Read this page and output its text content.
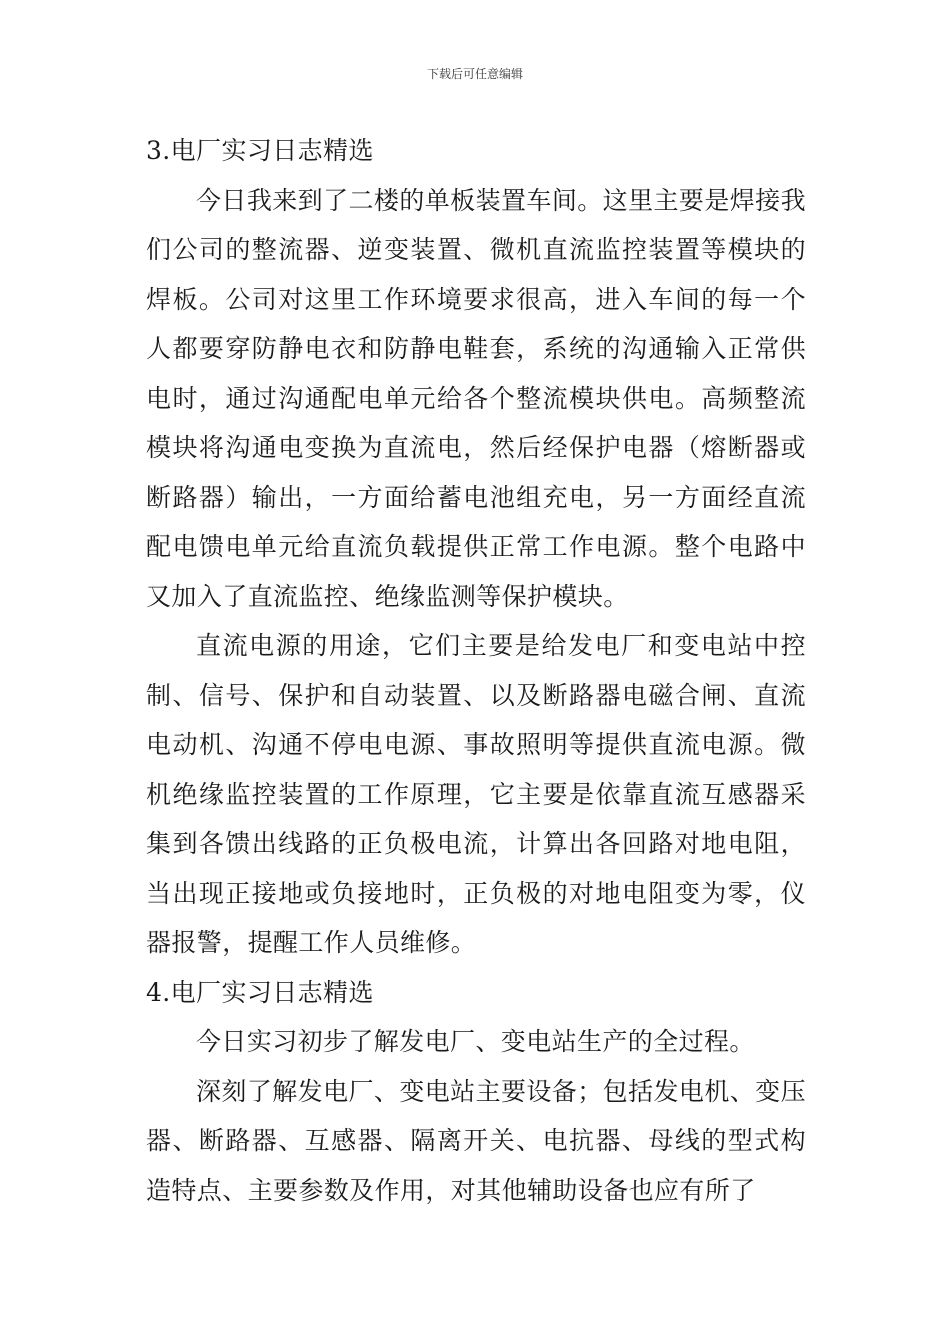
下载后可任意编辑

3.电厂实习日志精选

今日我来到了二楼的单板装置车间。这里主要是焊接我们公司的整流器、逆变装置、微机直流监控装置等模块的焊板。公司对这里工作环境要求很高，进入车间的每一个人都要穿防静电衣和防静电鞋套，系统的沟通输入正常供电时，通过沟通配电单元给各个整流模块供电。高频整流模块将沟通电变换为直流电，然后经保护电器（熔断器或断路器）输出，一方面给蓄电池组充电，另一方面经直流配电馈电单元给直流负载提供正常工作电源。整个电路中又加入了直流监控、绝缘监测等保护模块。

直流电源的用途，它们主要是给发电厂和变电站中控制、信号、保护和自动装置、以及断路器电磁合闸、直流电动机、沟通不停电电源、事故照明等提供直流电源。微机绝缘监控装置的工作原理，它主要是依靠直流互感器采集到各馈出线路的正负极电流，计算出各回路对地电阻，当出现正接地或负接地时，正负极的对地电阻变为零，仪器报警，提醒工作人员维修。

4.电厂实习日志精选

今日实习初步了解发电厂、变电站生产的全过程。

深刻了解发电厂、变电站主要设备；包括发电机、变压器、断路器、互感器、隔离开关、电抗器、母线的型式构造特点、主要参数及作用，对其他辅助设备也应有所了
